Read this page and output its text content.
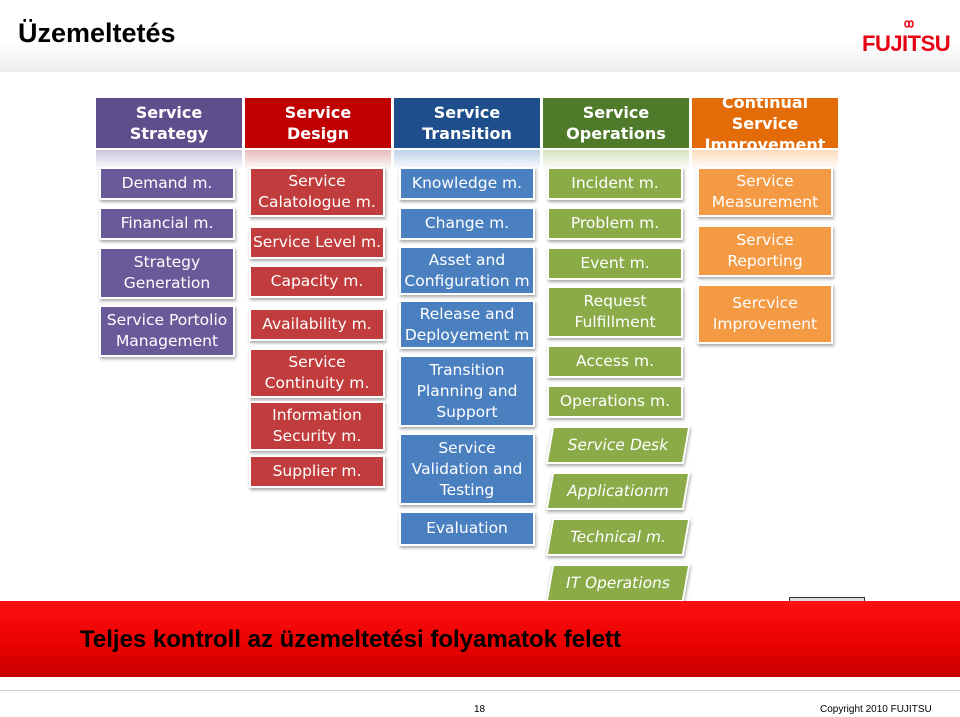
Üzemeltetés	FUJITSU
Service
Strategy
Service
Design
Service
Transition
Service
Operations
Continual Service
Improvement
Demand m.
Financial m.
Strategy
Generation
Service Portolio
Management
Service
Calatologue m.
Service Level m.
Capacity m.
Availability m.
Service
Continuity m.
Information
Security m.
Supplier m.
Knowledge m.
Change m.
Asset and
Configuration m
Release and
Deployement m
Transition
Planning and
Support
Service
Validation and
Testing
Evaluation
Incident m.
Problem m.
Event m.
Request
Fulfillment
Access m.
Operations m.
Service Desk
Applicationm
Technical m.
IT Operations
Service
Measurement
Service
Reporting
Sercvice
Improvement
Teljes kontroll az üzemeltetési folyamatok felett
18	Copyright 2010 FUJITSU
